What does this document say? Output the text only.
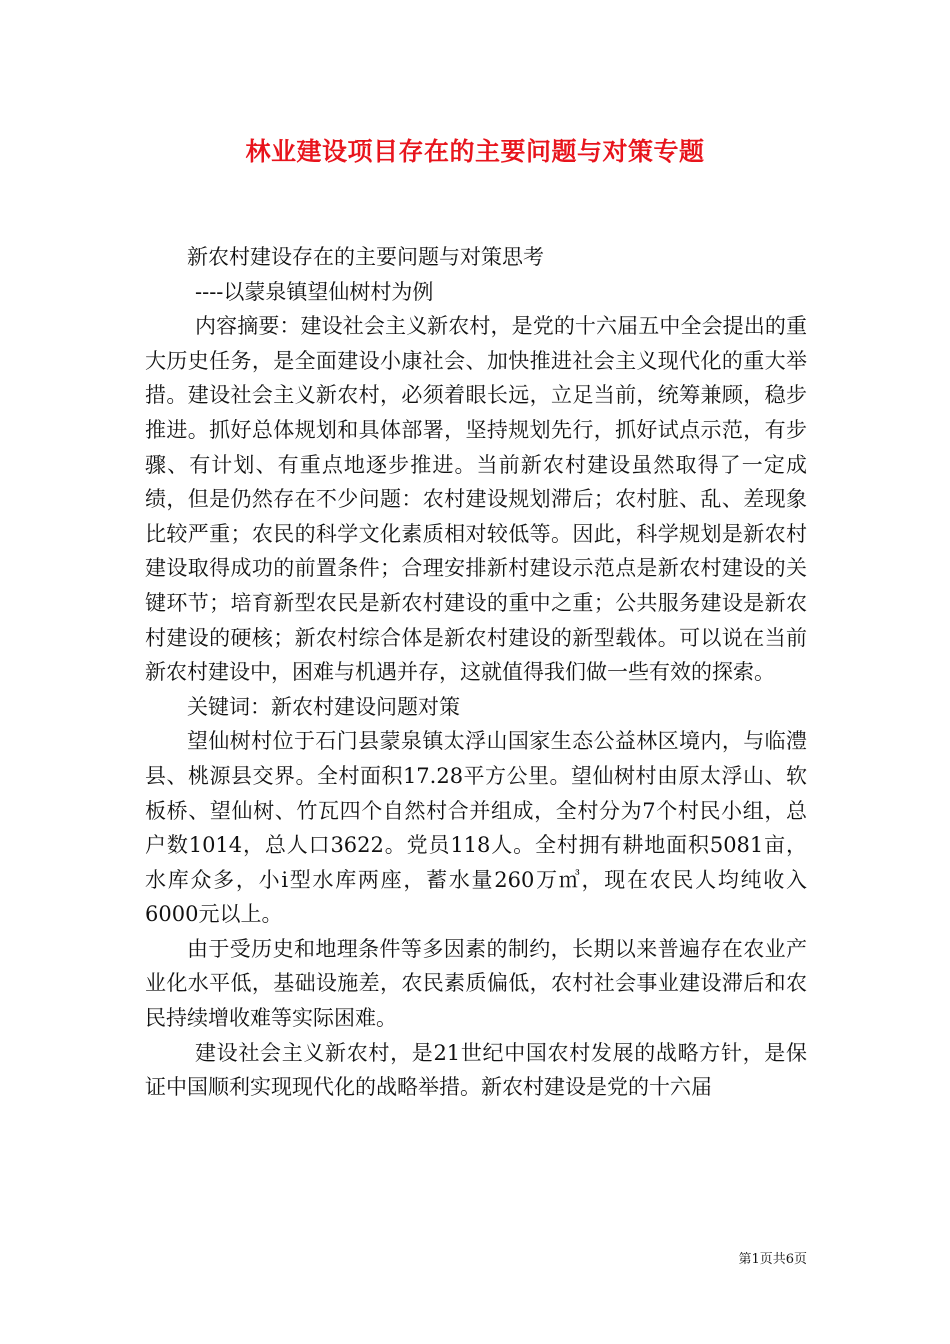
林业建设项目存在的主要问题与对策专题

新农村建设存在的主要问题与对策思考

----以蒙泉镇望仙树村为例

内容摘要：建设社会主义新农村，是党的十六届五中全会提出的重大历史任务，是全面建设小康社会、加快推进社会主义现代化的重大举措。建设社会主义新农村，必须着眼长远，立足当前，统筹兼顾，稳步推进。抓好总体规划和具体部署，坚持规划先行，抓好试点示范，有步骤、有计划、有重点地逐步推进。当前新农村建设虽然取得了一定成绩，但是仍然存在不少问题：农村建设规划滞后；农村脏、乱、差现象比较严重；农民的科学文化素质相对较低等。因此，科学规划是新农村建设取得成功的前置条件；合理安排新村建设示范点是新农村建设的关键环节；培育新型农民是新农村建设的重中之重；公共服务建设是新农村建设的硬核；新农村综合体是新农村建设的新型载体。可以说在当前新农村建设中，困难与机遇并存，这就值得我们做一些有效的探索。

关键词：新农村建设问题对策

望仙树村位于石门县蒙泉镇太浮山国家生态公益林区境内，与临澧县、桃源县交界。全村面积17.28平方公里。望仙树村由原太浮山、软板桥、望仙树、竹瓦四个自然村合并组成，全村分为7个村民小组，总户数1014，总人口3622。党员118人。全村拥有耕地面积5081亩，水库众多，小ⅰ型水库两座，蓄水量260万㎥，现在农民人均纯收入6000元以上。

由于受历史和地理条件等多因素的制约，长期以来普遍存在农业产业化水平低，基础设施差，农民素质偏低，农村社会事业建设滞后和农民持续增收难等实际困难。

建设社会主义新农村，是21世纪中国农村发展的战略方针，是保证中国顺利实现现代化的战略举措。新农村建设是党的十六届

第1页共6页
